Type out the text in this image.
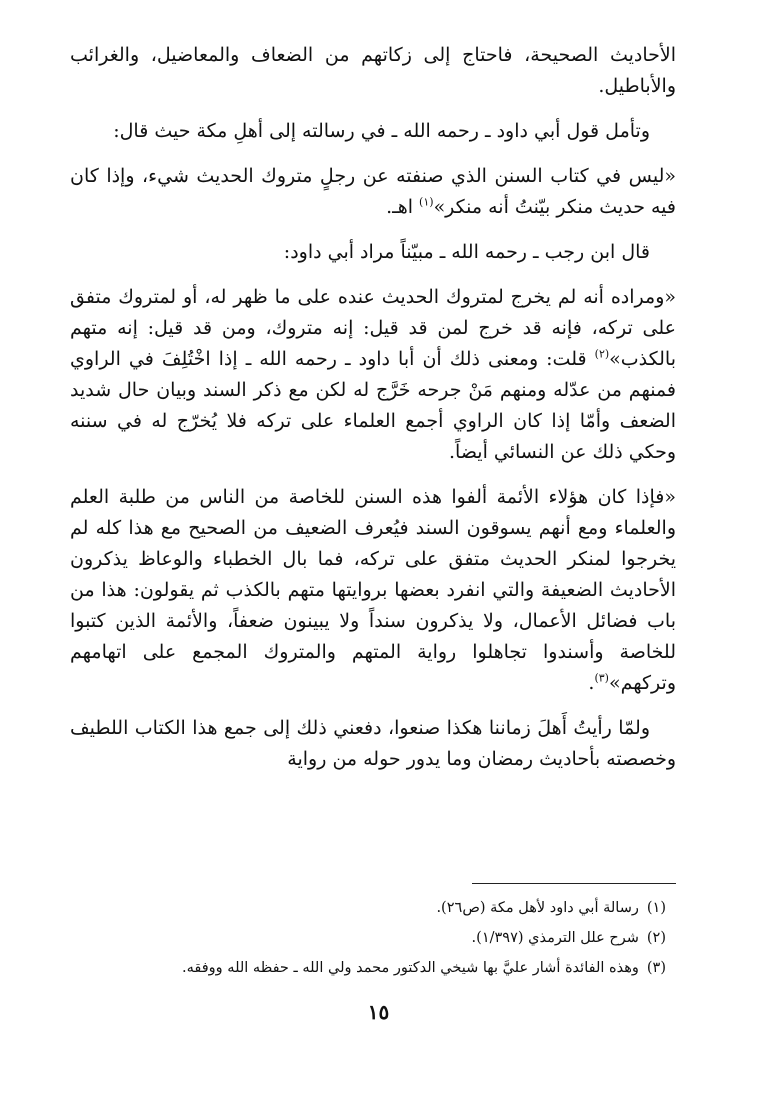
الأحاديث الصحيحة، فاحتاج إلى زكاتهم من الضعاف والمعاضيل، والغرائب والأباطيل.

وتأمل قول أبي داود ـ رحمه الله ـ في رسالته إلى أهلِ مكة حيث قال:

«ليس في كتاب السنن الذي صنفته عن رجلٍ متروك الحديث شيء، وإذا كان فيه حديث منكر بيّنتُ أنه منكر»$^{(١)}$ اهـ.

قال ابن رجب ـ رحمه الله ـ مبيّناً مراد أبي داود:

«ومراده أنه لم يخرج لمتروك الحديث عنده على ما ظهر له، أو لمتروك متفق على تركه، فإنه قد خرج لمن قد قيل: إنه متروك، ومن قد قيل: إنه متهم بالكذب»$^{(٢)}$ قلت: ومعنى ذلك أن أبا داود ـ رحمه الله ـ إذا اخْتُلِفَ في الراوي فمنهم من عدّله ومنهم مَنْ جرحه خَرَّج له لكن مع ذكر السند وبيان حال شديد الضعف وأمّا إذا كان الراوي أجمع العلماء على تركه فلا يُخرّج له في سننه وحكي ذلك عن النسائي أيضاً.

«فإذا كان هؤلاء الأئمة ألفوا هذه السنن للخاصة من الناس من طلبة العلم والعلماء ومع أنهم يسوقون السند فيُعرف الضعيف من الصحيح مع هذا كله لم يخرجوا لمنكر الحديث متفق على تركه، فما بال الخطباء والوعاظ يذكرون الأحاديث الضعيفة والتي انفرد بعضها بروايتها متهم بالكذب ثم يقولون: هذا من باب فضائل الأعمال، ولا يذكرون سنداً ولا يبينون ضعفاً، والأئمة الذين كتبوا للخاصة وأسندوا تجاهلوا رواية المتهم والمتروك المجمع على اتهامهم وتركهم»$^{(٣)}$.

ولمّا رأيتُ أَهلَ زماننا هكذا صنعوا، دفعني ذلك إلى جمع هذا الكتاب اللطيف وخصصته بأحاديث رمضان وما يدور حوله من رواية

(١)رسالة أبي داود لأهل مكة (ص٢٦).
(٢)شرح علل الترمذي (١/٣٩٧).
(٣)وهذه الفائدة أشار عليَّ بها شيخي الدكتور محمد ولي الله ـ حفظه الله ووفقه.
١٥
